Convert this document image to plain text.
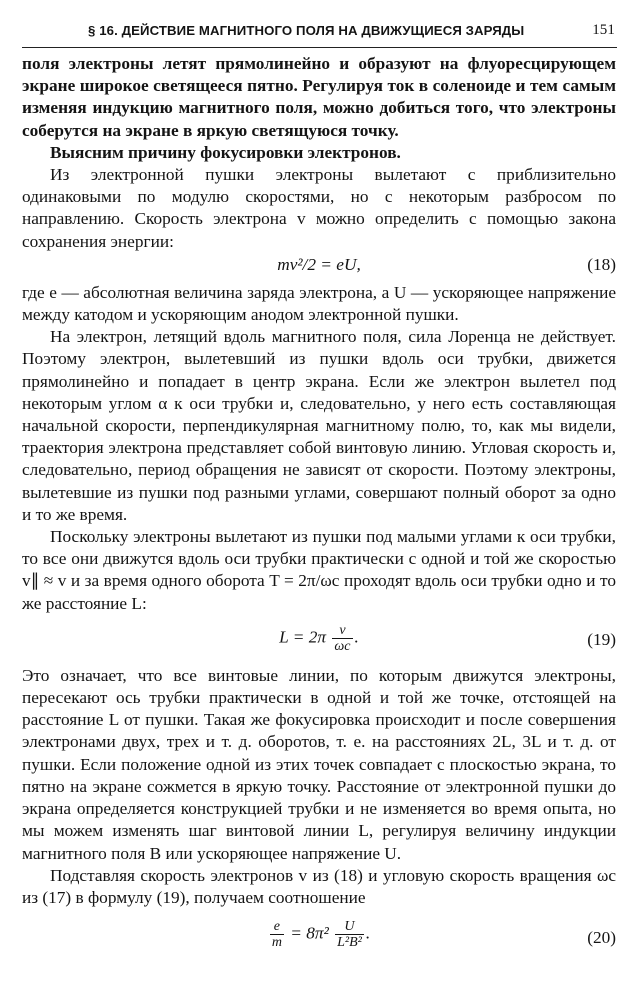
§ 16. ДЕЙСТВИЕ МАГНИТНОГО ПОЛЯ НА ДВИЖУЩИЕСЯ ЗАРЯДЫ	151

поля электроны летят прямолинейно и образуют на флуоресцирующем экране широкое светящееся пятно. Регулируя ток в соленоиде и тем самым изменяя индукцию магнитного поля, можно добиться того, что электроны соберутся на экране в яркую светящуюся точку.

Выясним причину фокусировки электронов.

Из электронной пушки электроны вылетают с приблизительно одинаковыми по модулю скоростями, но с некоторым разбросом по направлению. Скорость электрона v можно определить с помощью закона сохранения энергии:

mv²/2 = eU,	(18)

где e — абсолютная величина заряда электрона, а U — ускоряющее напряжение между катодом и ускоряющим анодом электронной пушки.

На электрон, летящий вдоль магнитного поля, сила Лоренца не действует. Поэтому электрон, вылетевший из пушки вдоль оси трубки, движется прямолинейно и попадает в центр экрана. Если же электрон вылетел под некоторым углом α к оси трубки и, следовательно, у него есть составляющая начальной скорости, перпендикулярная магнитному полю, то, как мы видели, траектория электрона представляет собой винтовую линию. Угловая скорость и, следовательно, период обращения не зависят от скорости. Поэтому электроны, вылетевшие из пушки под разными углами, совершают полный оборот за одно и то же время.

Поскольку электроны вылетают из пушки под малыми углами к оси трубки, то все они движутся вдоль оси трубки практически с одной и той же скоростью v∥ ≈ v и за время одного оборота T = 2π/ωc проходят вдоль оси трубки одно и то же расстояние L:

$L = 2\pi \frac{v}{\omega c}$ .	(19)

Это означает, что все винтовые линии, по которым движутся электроны, пересекают ось трубки практически в одной и той же точке, отстоящей на расстояние L от пушки. Такая же фокусировка происходит и после совершения электронами двух, трех и т. д. оборотов, т. е. на расстояниях 2L, 3L и т. д. от пушки. Если положение одной из этих точек совпадает с плоскостью экрана, то пятно на экране сожмется в яркую точку. Расстояние от электронной пушки до экрана определяется конструкцией трубки и не изменяется во время опыта, но мы можем изменять шаг винтовой линии L, регулируя величину индукции магнитного поля B или ускоряющее напряжение U.

Подставляя скорость электронов v из (18) и угловую скорость вращения ωc из (17) в формулу (19), получаем соотношение

$\frac{e}{m} = 8\pi^2 \frac{U}{\text{L²B²}}$ .	(20)
